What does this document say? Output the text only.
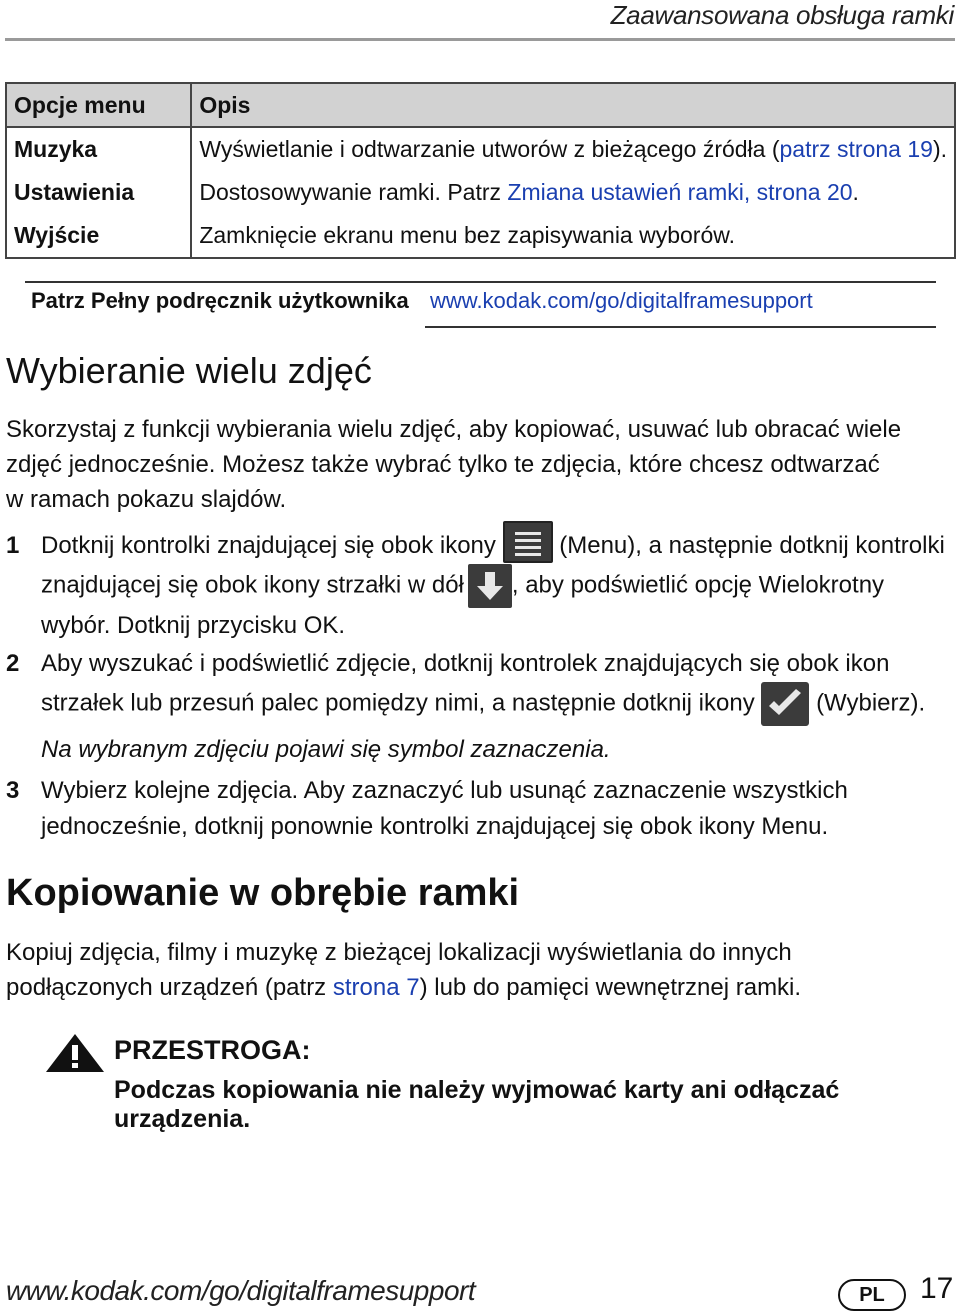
Zaawansowana obsługa ramki
Opcje menu	Opis
Muzyka	Wyświetlanie i odtwarzanie utworów z bieżącego źródła (patrz strona 19).
Ustawienia	Dostosowywanie ramki. Patrz Zmiana ustawień ramki, strona 20.
Wyjście	Zamknięcie ekranu menu bez zapisywania wyborów.
Patrz Pełny podręcznik użytkownika www.kodak.com/go/digitalframesupport
Wybieranie wielu zdjęć
Skorzystaj z funkcji wybierania wielu zdjęć, aby kopiować, usuwać lub obracać wiele
zdjęć jednocześnie. Możesz także wybrać tylko te zdjęcia, które chcesz odtwarzać
w ramach pokazu slajdów.
1 Dotknij kontrolki znajdującej się obok ikony	(Menu), a następnie dotknij kontrolki
znajdującej się obok ikony strzałki w dół , aby podświetlić opcję Wielokrotny
wybór. Dotknij przycisku OK.
2 Aby wyszukać i podświetlić zdjęcie, dotknij kontrolek znajdujących się obok ikon
strzałek lub przesuń palec pomiędzy nimi, a następnie dotknij ikony	(Wybierz).
Na wybranym zdjęciu pojawi się symbol zaznaczenia.
3 Wybierz kolejne zdjęcia. Aby zaznaczyć lub usunąć zaznaczenie wszystkich
jednocześnie, dotknij ponownie kontrolki znajdującej się obok ikony Menu.
Kopiowanie w obrębie ramki
Kopiuj zdjęcia, filmy i muzykę z bieżącej lokalizacji wyświetlania do innych
podłączonych urządzeń (patrz strona 7) lub do pamięci wewnętrznej ramki.
PRZESTROGA:
Podczas kopiowania nie należy wyjmować karty ani odłączać urządzenia.
www.kodak.com/go/digitalframesupport	PL	17
